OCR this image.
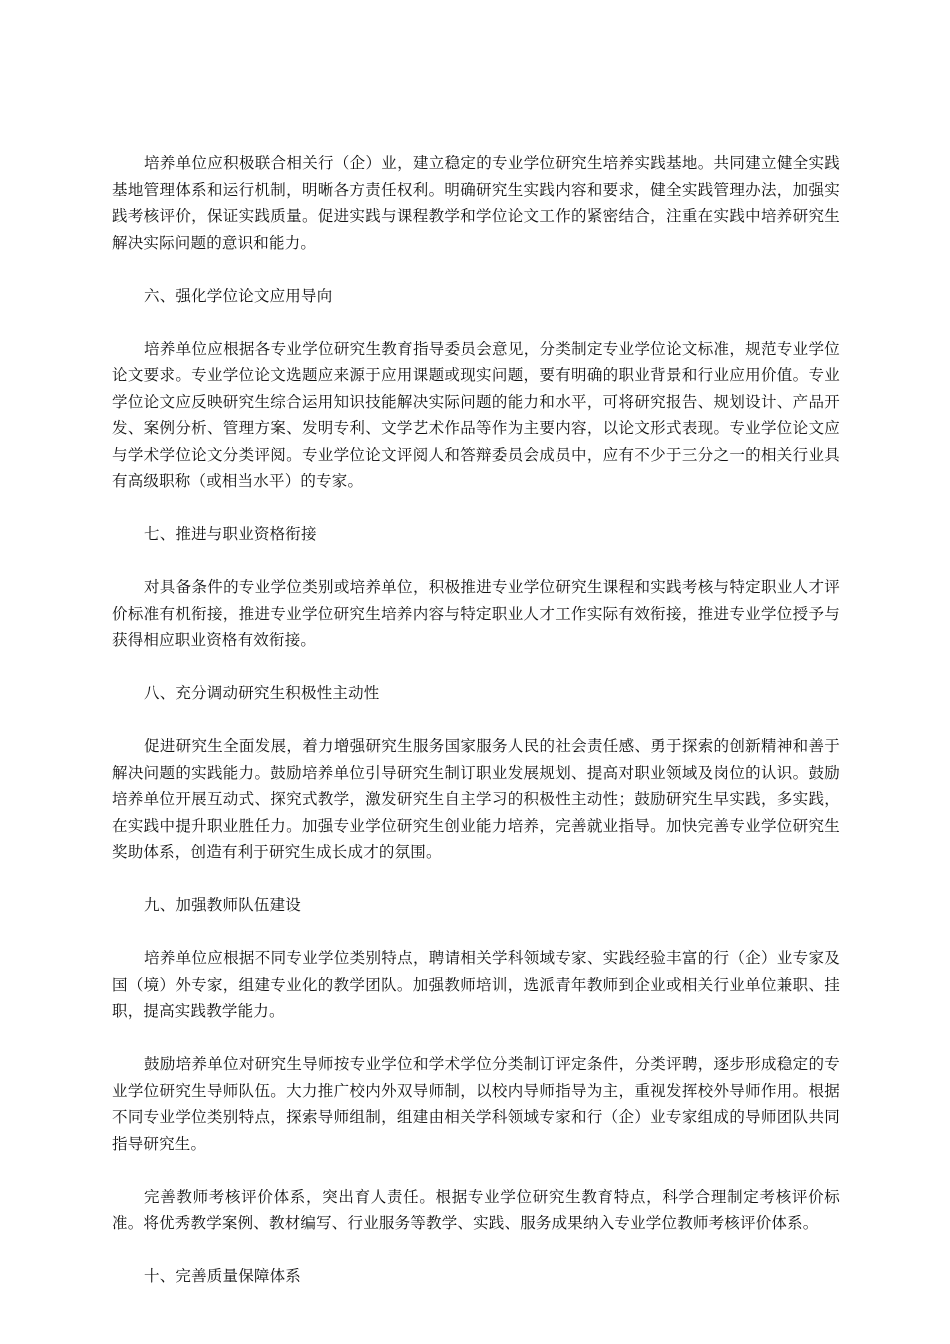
培养单位应积极联合相关行（企）业，建立稳定的专业学位研究生培养实践基地。共同建立健全实践基地管理体系和运行机制，明晰各方责任权利。明确研究生实践内容和要求，健全实践管理办法，加强实践考核评价，保证实践质量。促进实践与课程教学和学位论文工作的紧密结合，注重在实践中培养研究生解决实际问题的意识和能力。

六、强化学位论文应用导向

培养单位应根据各专业学位研究生教育指导委员会意见，分类制定专业学位论文标准，规范专业学位论文要求。专业学位论文选题应来源于应用课题或现实问题，要有明确的职业背景和行业应用价值。专业学位论文应反映研究生综合运用知识技能解决实际问题的能力和水平，可将研究报告、规划设计、产品开发、案例分析、管理方案、发明专利、文学艺术作品等作为主要内容，以论文形式表现。专业学位论文应与学术学位论文分类评阅。专业学位论文评阅人和答辩委员会成员中，应有不少于三分之一的相关行业具有高级职称（或相当水平）的专家。

七、推进与职业资格衔接

对具备条件的专业学位类别或培养单位，积极推进专业学位研究生课程和实践考核与特定职业人才评价标准有机衔接，推进专业学位研究生培养内容与特定职业人才工作实际有效衔接，推进专业学位授予与获得相应职业资格有效衔接。

八、充分调动研究生积极性主动性

促进研究生全面发展，着力增强研究生服务国家服务人民的社会责任感、勇于探索的创新精神和善于解决问题的实践能力。鼓励培养单位引导研究生制订职业发展规划、提高对职业领域及岗位的认识。鼓励培养单位开展互动式、探究式教学，激发研究生自主学习的积极性主动性；鼓励研究生早实践，多实践，在实践中提升职业胜任力。加强专业学位研究生创业能力培养，完善就业指导。加快完善专业学位研究生奖助体系，创造有利于研究生成长成才的氛围。

九、加强教师队伍建设

培养单位应根据不同专业学位类别特点，聘请相关学科领域专家、实践经验丰富的行（企）业专家及国（境）外专家，组建专业化的教学团队。加强教师培训，选派青年教师到企业或相关行业单位兼职、挂职，提高实践教学能力。

鼓励培养单位对研究生导师按专业学位和学术学位分类制订评定条件，分类评聘，逐步形成稳定的专业学位研究生导师队伍。大力推广校内外双导师制，以校内导师指导为主，重视发挥校外导师作用。根据不同专业学位类别特点，探索导师组制，组建由相关学科领域专家和行（企）业专家组成的导师团队共同指导研究生。

完善教师考核评价体系，突出育人责任。根据专业学位研究生教育特点，科学合理制定考核评价标准。将优秀教学案例、教材编写、行业服务等教学、实践、服务成果纳入专业学位教师考核评价体系。

十、完善质量保障体系
